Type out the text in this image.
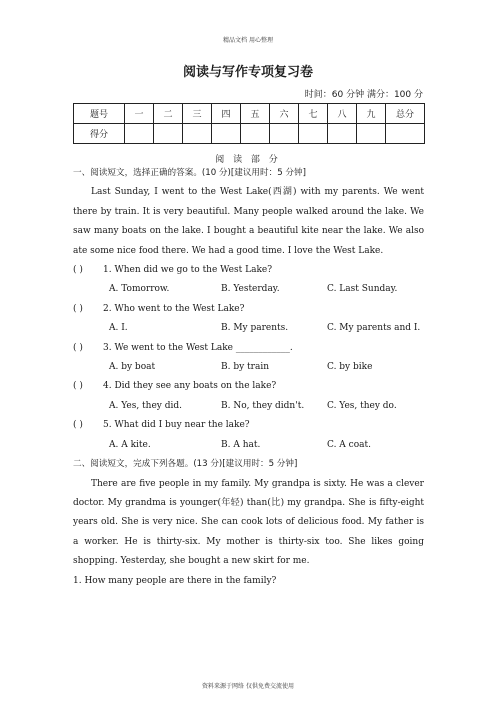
精品文档 用心整理
阅读与写作专项复习卷
时间：60 分钟 满分：100 分
题号	一	二	三	四	五	六	七	八	九	总分
得分										
阅 读 部 分

一、阅读短文，选择正确的答案。(10 分)[建议用时：5 分钟]

Last Sunday, I went to the West Lake(西湖) with my parents. We went there by train. It is very beautiful. Many people walked around the lake. We saw many boats on the lake. I bought a beautiful kite near the lake. We also ate some nice food there. We had a good time. I love the West Lake.

( )	1. When did we go to the West Lake?
A. Tomorrow.	B. Yesterday.	C. Last Sunday.
( )	2. Who went to the West Lake?
A. I.	B. My parents.	C. My parents and I.
( )	3. We went to the West Lake ____________.
A. by boat	B. by train	C. by bike
( )	4. Did they see any boats on the lake?
A. Yes, they did.	B. No, they didn't.	C. Yes, they do.
( )	5. What did I buy near the lake?
A. A kite.	B. A hat.	C. A coat.

二、阅读短文，完成下列各题。(13 分)[建议用时：5 分钟]

There are five people in my family. My grandpa is sixty. He was a clever doctor. My grandma is younger(年轻) than(比) my grandpa. She is fifty-eight years old. She is very nice. She can cook lots of delicious food. My father is a worker. He is thirty-six. My mother is thirty-six too. She likes going shopping. Yesterday, she bought a new skirt for me.

1. How many people are there in the family?

资料来源于网络 仅供免费交流使用
